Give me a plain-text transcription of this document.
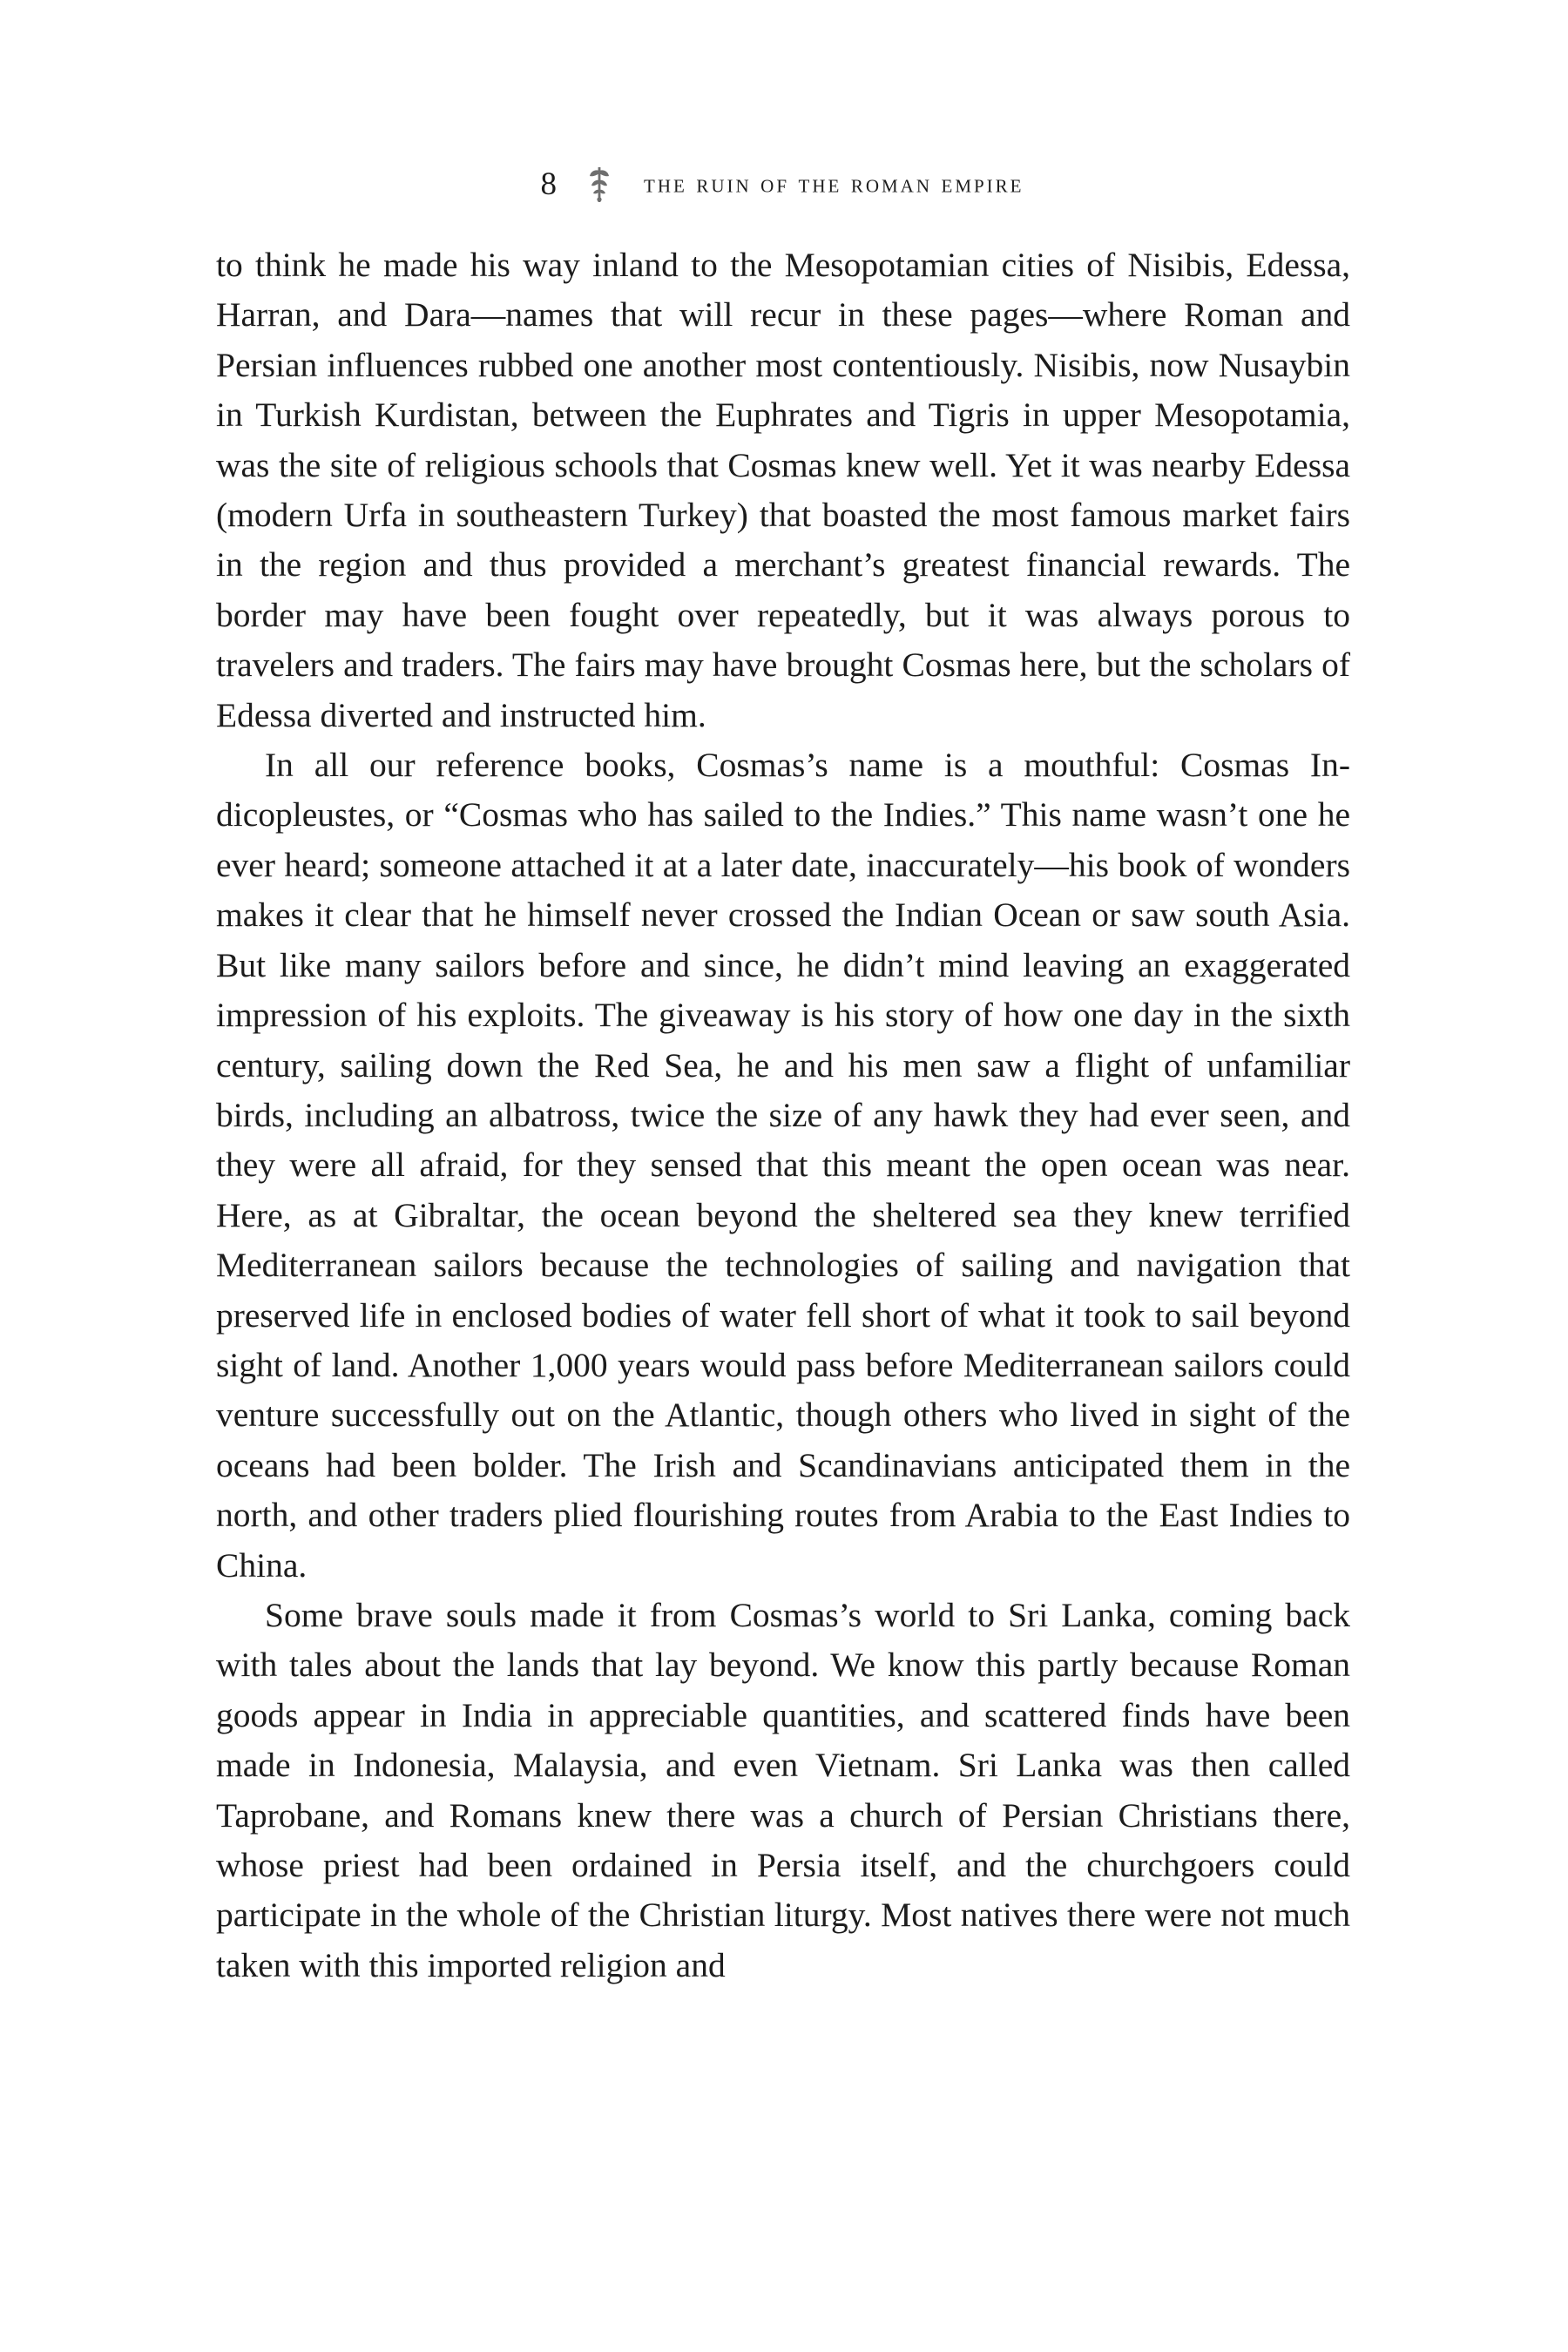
8	the ruin of the roman empire

to think he made his way inland to the Mesopotamian cities of Nisibis, Edessa, Harran, and Dara—names that will recur in these pages—where Roman and Persian influences rubbed one another most contentiously. Nisibis, now Nusaybin in Turkish Kurdistan, between the Euphrates and Tigris in upper Mesopotamia, was the site of religious schools that Cosmas knew well. Yet it was nearby Edessa (modern Urfa in southeastern Turkey) that boasted the most famous market fairs in the region and thus provided a merchant’s greatest financial rewards. The border may have been fought over repeatedly, but it was always porous to travelers and traders. The fairs may have brought Cosmas here, but the scholars of Edessa diverted and instructed him.

In all our reference books, Cosmas’s name is a mouthful: Cosmas Indicopleustes, or “Cosmas who has sailed to the Indies.” This name wasn’t one he ever heard; someone attached it at a later date, inaccurately—his book of wonders makes it clear that he himself never crossed the Indian Ocean or saw south Asia. But like many sailors before and since, he didn’t mind leaving an exaggerated impression of his exploits. The giveaway is his story of how one day in the sixth century, sailing down the Red Sea, he and his men saw a flight of unfamiliar birds, including an albatross, twice the size of any hawk they had ever seen, and they were all afraid, for they sensed that this meant the open ocean was near. Here, as at Gibraltar, the ocean beyond the sheltered sea they knew terrified Mediterranean sailors because the technologies of sailing and navigation that preserved life in enclosed bodies of water fell short of what it took to sail beyond sight of land. Another 1,000 years would pass before Mediterranean sailors could venture successfully out on the Atlantic, though others who lived in sight of the oceans had been bolder. The Irish and Scandinavians anticipated them in the north, and other traders plied flourishing routes from Arabia to the East Indies to China.

Some brave souls made it from Cosmas’s world to Sri Lanka, coming back with tales about the lands that lay beyond. We know this partly because Roman goods appear in India in appreciable quantities, and scattered finds have been made in Indonesia, Malaysia, and even Vietnam. Sri Lanka was then called Taprobane, and Romans knew there was a church of Persian Christians there, whose priest had been ordained in Persia itself, and the churchgoers could participate in the whole of the Christian liturgy. Most natives there were not much taken with this imported religion and
